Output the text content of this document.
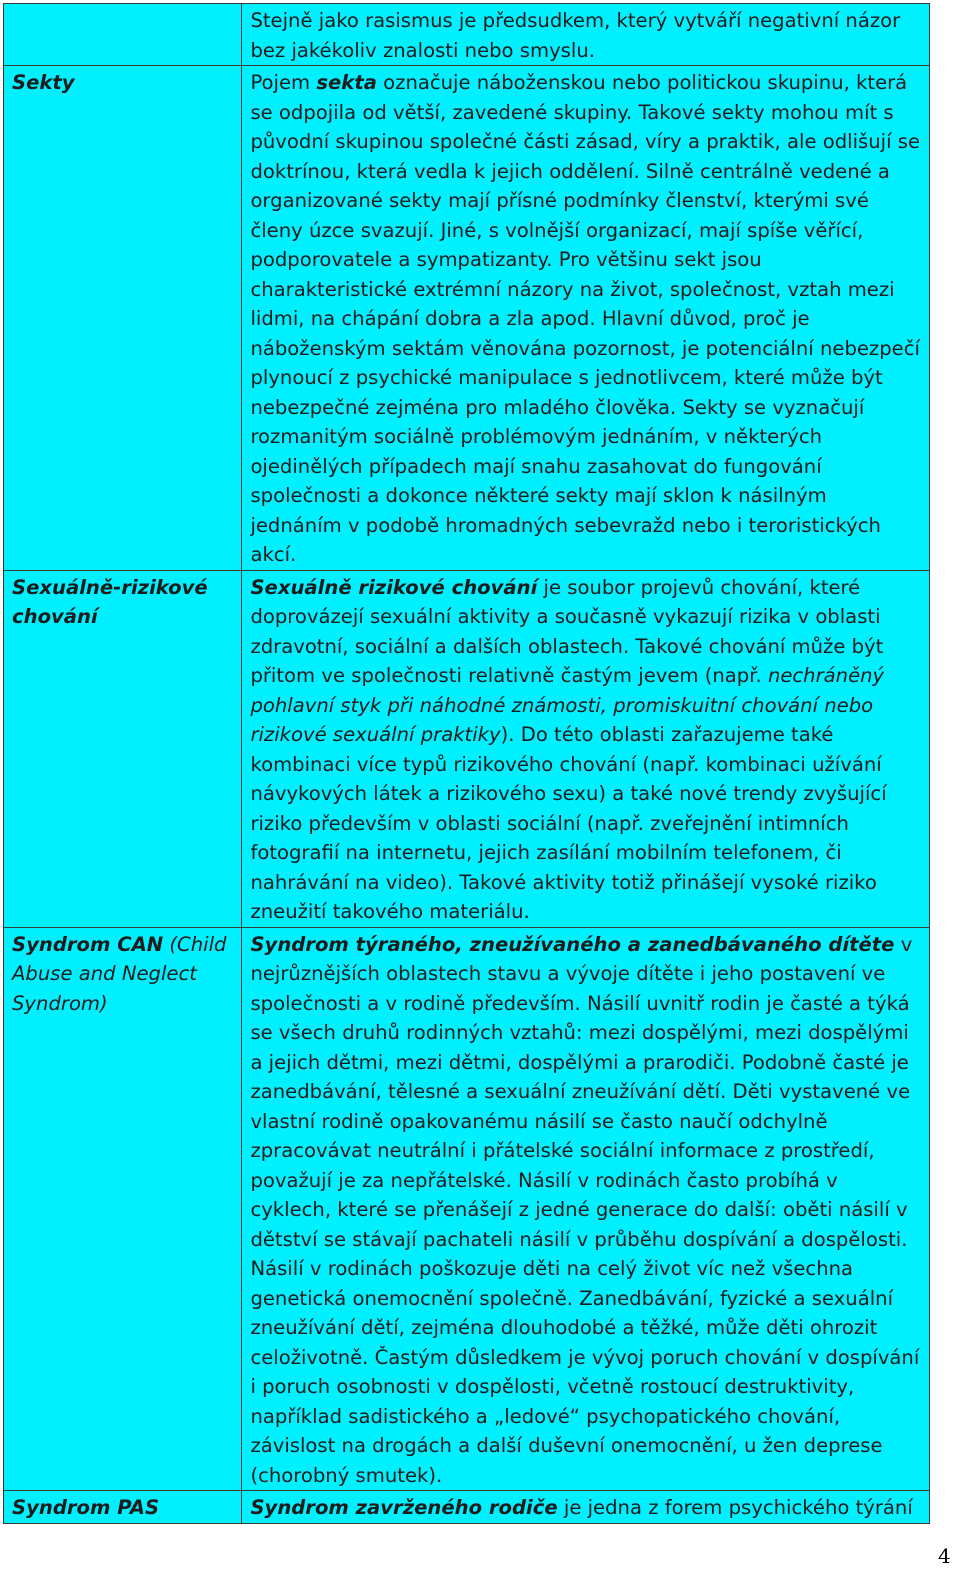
	Stejně jako rasismus je předsudkem, který vytváří negativní názor bez jakékoliv znalosti nebo smyslu.
Sekty	Pojem sekta označuje náboženskou nebo politickou skupinu, která se odpojila od větší, zavedené skupiny. Takové sekty mohou mít s původní skupinou společné části zásad, víry a praktik, ale odlišují se doktrínou, která vedla k jejich oddělení. Silně centrálně vedené a organizované sekty mají přísné podmínky členství, kterými své členy úzce svazují. Jiné, s volnější organizací, mají spíše věřící, podporovatele a sympatizanty. Pro většinu sekt jsou charakteristické extrémní názory na život, společnost, vztah mezi lidmi, na chápání dobra a zla apod. Hlavní důvod, proč je náboženským sektám věnována pozornost, je potenciální nebezpečí plynoucí z psychické manipulace s jednotlivcem, které může být nebezpečné zejména pro mladého člověka. Sekty se vyznačují rozmanitým sociálně problémovým jednáním, v některých ojedinělých případech mají snahu zasahovat do fungování společnosti a dokonce některé sekty mají sklon k násilným jednáním v podobě hromadných sebevražd nebo i teroristických akcí.
Sexuálně-rizikové chování	Sexuálně rizikové chování je soubor projevů chování, které doprovázejí sexuální aktivity a současně vykazují rizika v oblasti zdravotní, sociální a dalších oblastech. Takové chování může být přitom ve společnosti relativně častým jevem (např. nechráněný pohlavní styk při náhodné známosti, promiskuitní chování nebo rizikové sexuální praktiky). Do této oblasti zařazujeme také kombinaci více typů rizikového chování (např. kombinaci užívání návykových látek a rizikového sexu) a také nové trendy zvyšující riziko především v oblasti sociální (např. zveřejnění intimních fotografií na internetu, jejich zasílání mobilním telefonem, či nahrávání na video). Takové aktivity totiž přinášejí vysoké riziko zneužití takového materiálu.
Syndrom CAN (Child Abuse and Neglect Syndrom)	Syndrom týraného, zneužívaného a zanedbávaného dítěte v nejrůznějších oblastech stavu a vývoje dítěte i jeho postavení ve společnosti a v rodině především. Násilí uvnitř rodin je časté a týká se všech druhů rodinných vztahů: mezi dospělými, mezi dospělými a jejich dětmi, mezi dětmi, dospělými a prarodiči. Podobně časté je zanedbávání, tělesné a sexuální zneužívání dětí. Děti vystavené ve vlastní rodině opakovanému násilí se často naučí odchylně zpracovávat neutrální i přátelské sociální informace z prostředí, považují je za nepřátelské. Násilí v rodinách často probíhá v cyklech, které se přenášejí z jedné generace do další: oběti násilí v dětství se stávají pachateli násilí v průběhu dospívání a dospělosti. Násilí v rodinách poškozuje děti na celý život víc než všechna genetická onemocnění společně. Zanedbávání, fyzické a sexuální zneužívání dětí, zejména dlouhodobé a těžké, může děti ohrozit celoživotně. Častým důsledkem je vývoj poruch chování v dospívání i poruch osobnosti v dospělosti, včetně rostoucí destruktivity, například sadistického a „ledové“ psychopatického chování, závislost na drogách a další duševní onemocnění, u žen deprese (chorobný smutek).
Syndrom PAS	Syndrom zavrženého rodiče je jedna z forem psychického týrání
4
